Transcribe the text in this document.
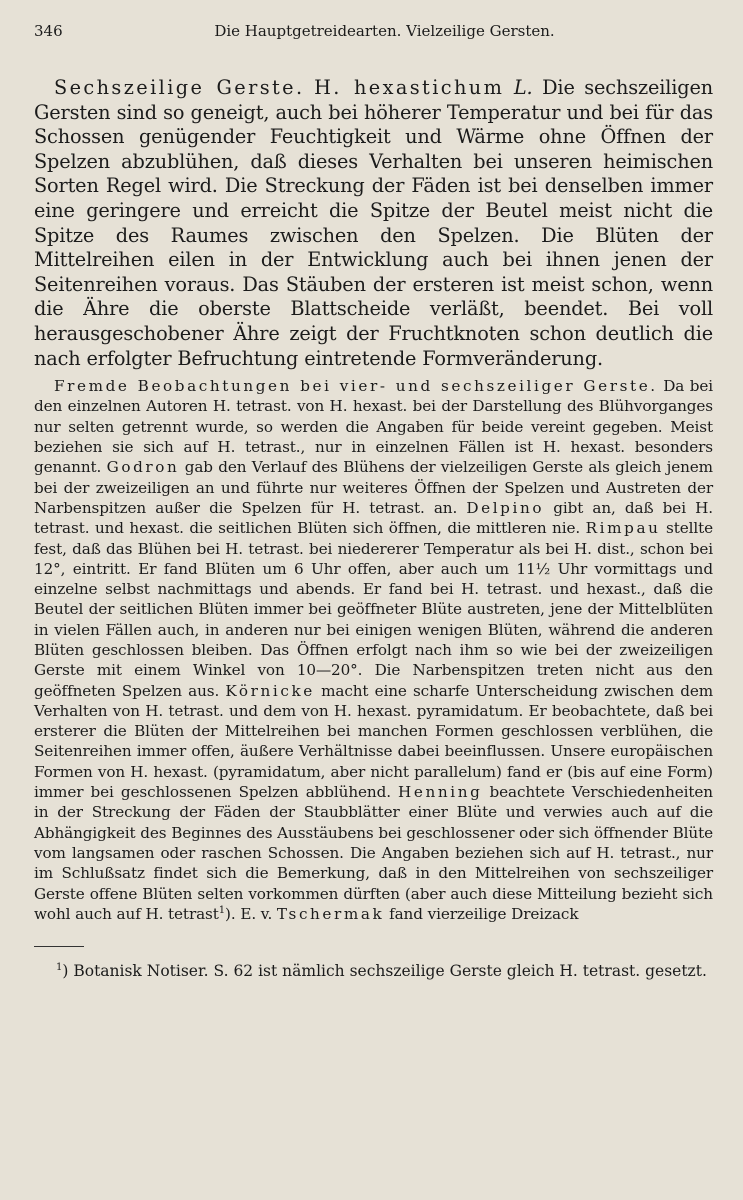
346	Die Hauptgetreidearten. Vielzeilige Gersten.

Sechszeilige Gerste. H. hexastichum L. Die sechszeiligen Gersten sind so geneigt, auch bei höherer Temperatur und bei für das Schossen genügender Feuchtigkeit und Wärme ohne Öffnen der Spelzen abzublühen, daß dieses Verhalten bei unseren heimischen Sorten Regel wird. Die Streckung der Fäden ist bei denselben immer eine geringere und erreicht die Spitze der Beutel meist nicht die Spitze des Raumes zwischen den Spelzen. Die Blüten der Mittelreihen eilen in der Entwicklung auch bei ihnen jenen der Seitenreihen voraus. Das Stäuben der ersteren ist meist schon, wenn die Ähre die oberste Blattscheide verläßt, beendet. Bei voll herausgeschobener Ähre zeigt der Fruchtknoten schon deutlich die nach erfolgter Befruchtung eintretende Formveränderung.

Fremde Beobachtungen bei vier- und sechszeiliger Gerste. Da bei den einzelnen Autoren H. tetrast. von H. hexast. bei der Darstellung des Blühvorganges nur selten getrennt wurde, so werden die Angaben für beide vereint gegeben. Meist beziehen sie sich auf H. tetrast., nur in einzelnen Fällen ist H. hexast. besonders genannt. Godron gab den Verlauf des Blühens der vielzeiligen Gerste als gleich jenem bei der zweizeiligen an und führte nur weiteres Öffnen der Spelzen und Austreten der Narbenspitzen außer die Spelzen für H. tetrast. an. Delpino gibt an, daß bei H. tetrast. und hexast. die seitlichen Blüten sich öffnen, die mittleren nie. Rimpau stellte fest, daß das Blühen bei H. tetrast. bei niedererer Temperatur als bei H. dist., schon bei 12°, eintritt. Er fand Blüten um 6 Uhr offen, aber auch um 11½ Uhr vormittags und einzelne selbst nachmittags und abends. Er fand bei H. tetrast. und hexast., daß die Beutel der seitlichen Blüten immer bei geöffneter Blüte austreten, jene der Mittelblüten in vielen Fällen auch, in anderen nur bei einigen wenigen Blüten, während die anderen Blüten geschlossen bleiben. Das Öffnen erfolgt nach ihm so wie bei der zweizeiligen Gerste mit einem Winkel von 10—20°. Die Narbenspitzen treten nicht aus den geöffneten Spelzen aus. Körnicke macht eine scharfe Unterscheidung zwischen dem Verhalten von H. tetrast. und dem von H. hexast. pyramidatum. Er beobachtete, daß bei ersterer die Blüten der Mittelreihen bei manchen Formen geschlossen verblühen, die Seitenreihen immer offen, äußere Verhältnisse dabei beeinflussen. Unsere europäischen Formen von H. hexast. (pyramidatum, aber nicht parallelum) fand er (bis auf eine Form) immer bei geschlossenen Spelzen abblühend. Henning beachtete Verschiedenheiten in der Streckung der Fäden der Staubblätter einer Blüte und verwies auch auf die Abhängigkeit des Beginnes des Ausstäubens bei geschlossener oder sich öffnender Blüte vom langsamen oder raschen Schossen. Die Angaben beziehen sich auf H. tetrast., nur im Schlußsatz findet sich die Bemerkung, daß in den Mittelreihen von sechszeiliger Gerste offene Blüten selten vorkommen dürften (aber auch diese Mitteilung bezieht sich wohl auch auf H. tetrast$^1$). E. v. Tschermak fand vierzeilige Dreizack

$^1$) Botanisk Notiser. S. 62 ist nämlich sechszeilige Gerste gleich H. tetrast. gesetzt.
